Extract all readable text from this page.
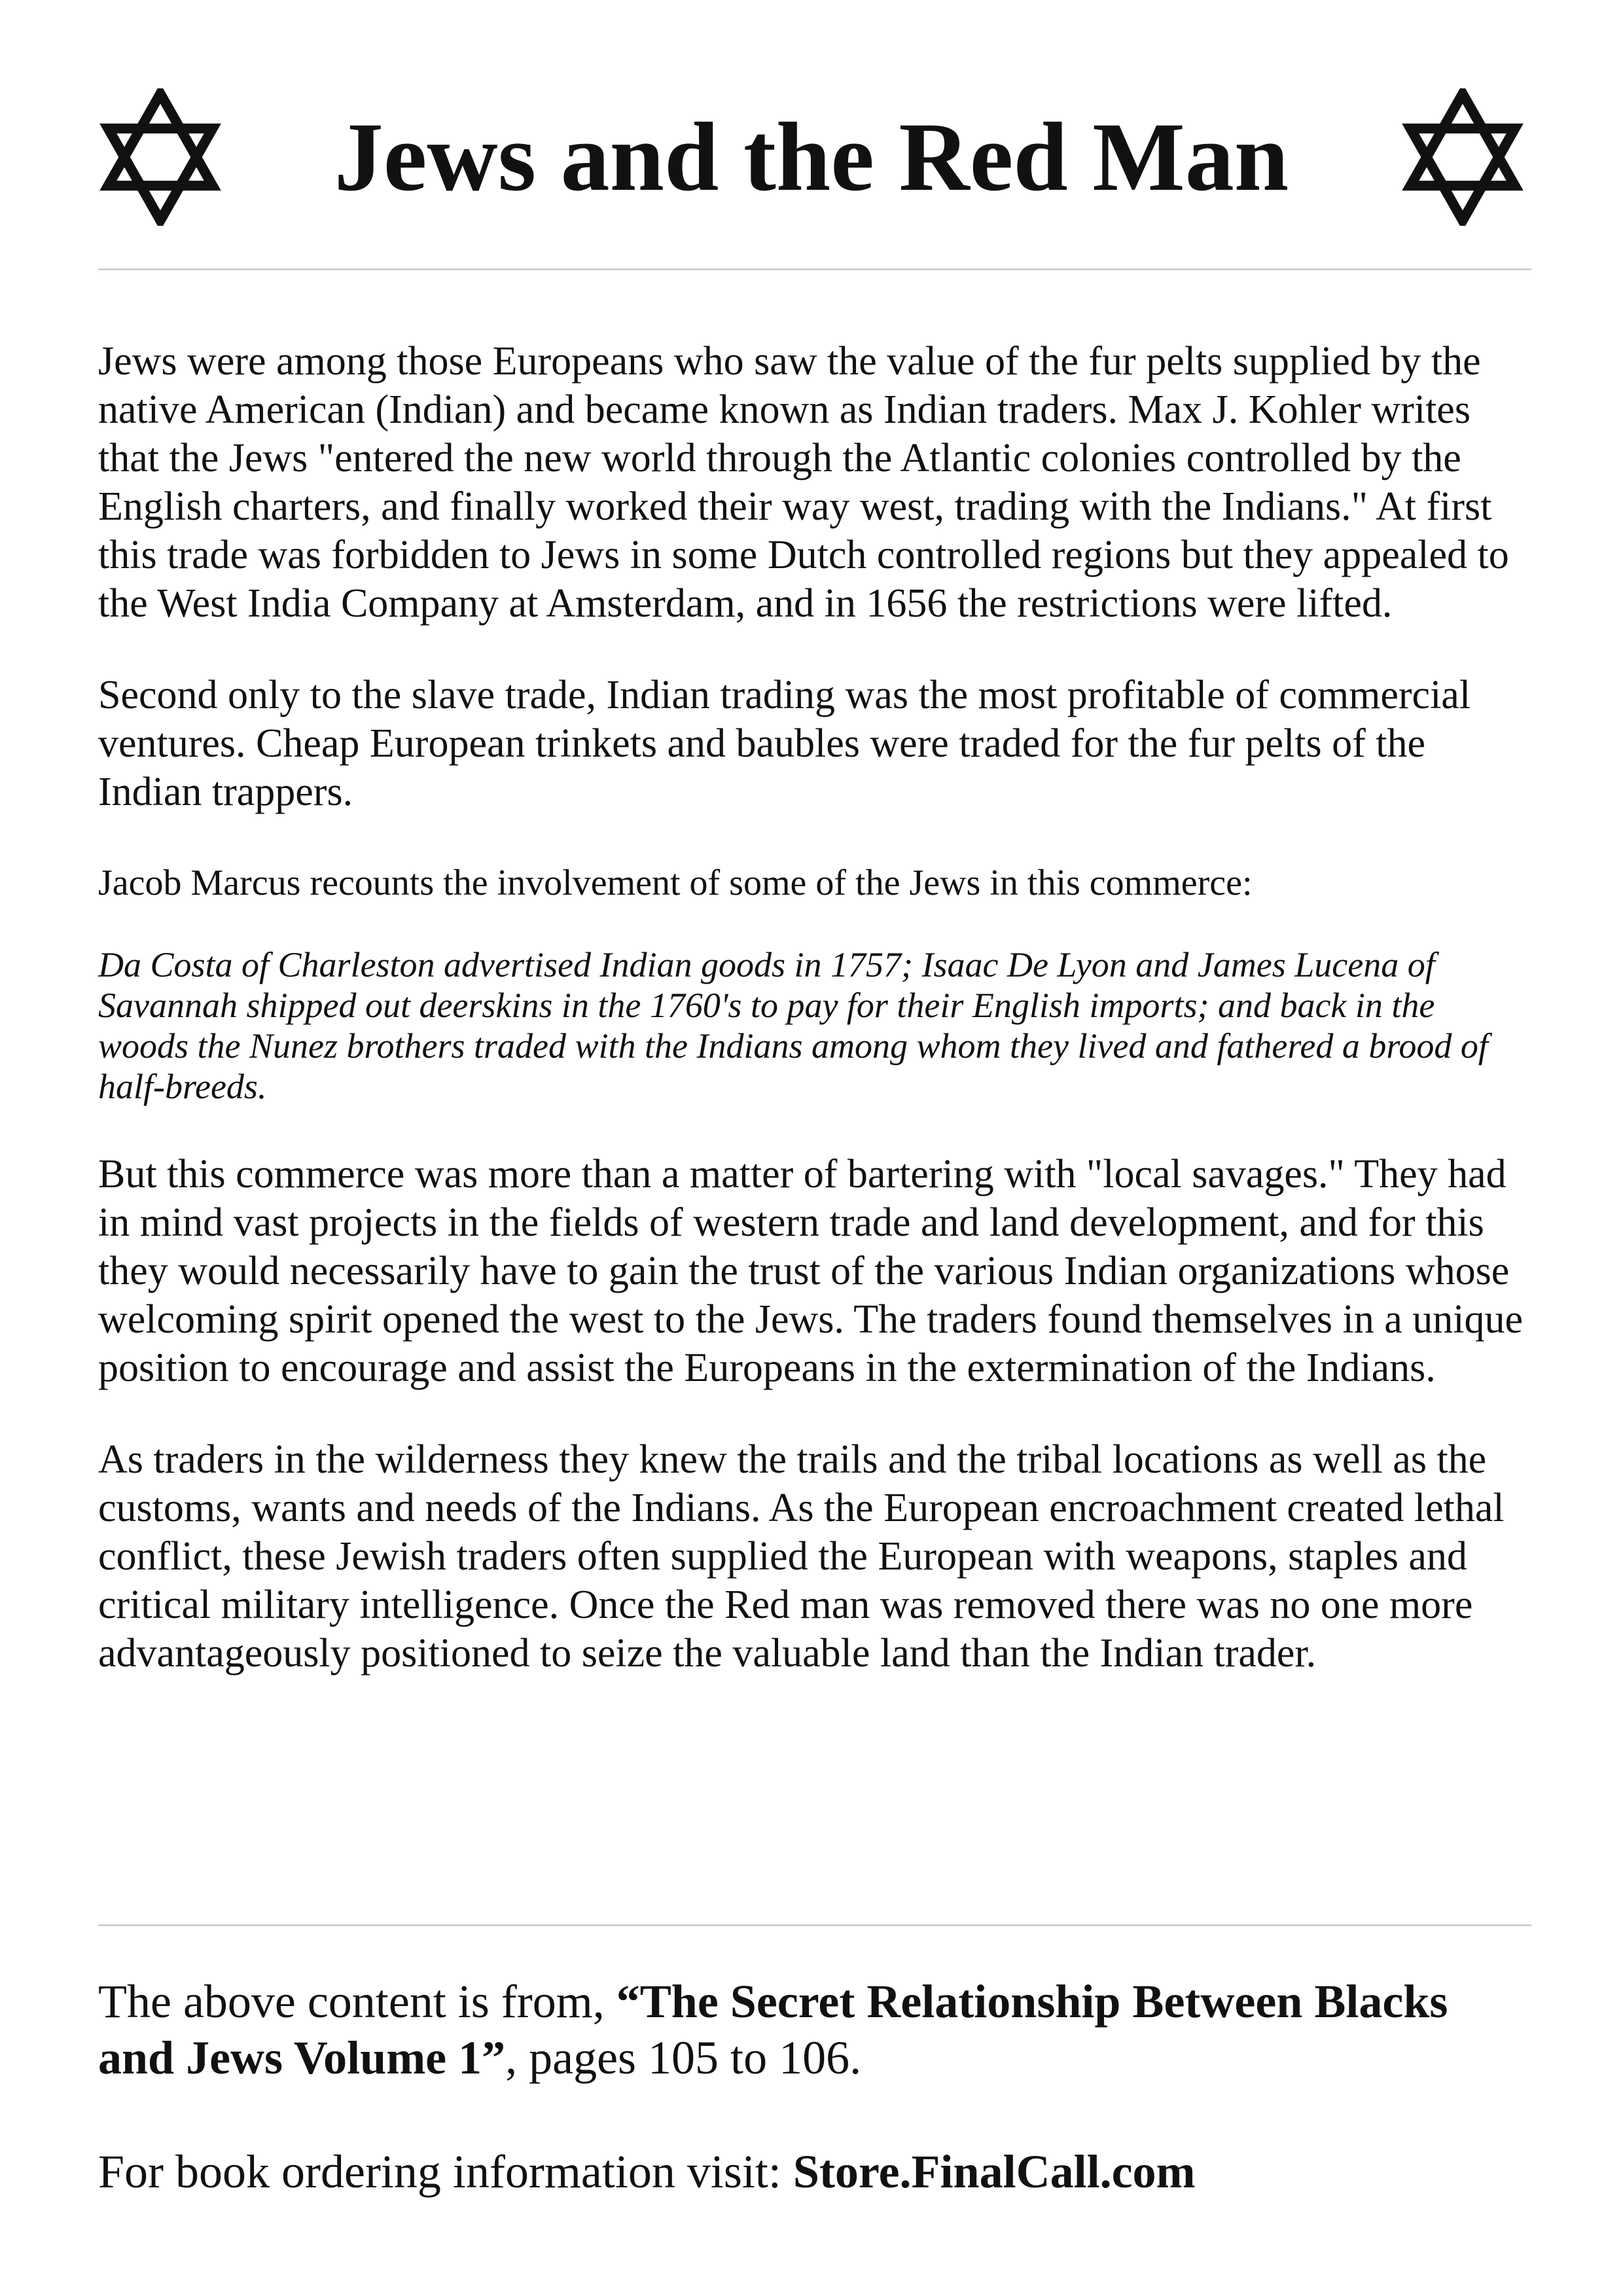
Jews and the Red Man

Jews were among those Europeans who saw the value of the fur pelts supplied by the native American (Indian) and became known as Indian traders. Max J. Kohler writes that the Jews "entered the new world through the Atlantic colonies controlled by the English charters, and finally worked their way west, trading with the Indians." At first this trade was forbidden to Jews in some Dutch controlled regions but they appealed to the West India Company at Amsterdam, and in 1656 the restrictions were lifted.

Second only to the slave trade, Indian trading was the most profitable of commercial ventures. Cheap European trinkets and baubles were traded for the fur pelts of the Indian trappers.

Jacob Marcus recounts the involvement of some of the Jews in this commerce:

Da Costa of Charleston advertised Indian goods in 1757; Isaac De Lyon and James Lucena of Savannah shipped out deerskins in the 1760's to pay for their English imports; and back in the woods the Nunez brothers traded with the Indians among whom they lived and fathered a brood of half-breeds.

But this commerce was more than a matter of bartering with "local savages." They had in mind vast projects in the fields of western trade and land development, and for this they would necessarily have to gain the trust of the various Indian organizations whose welcoming spirit opened the west to the Jews. The traders found themselves in a unique position to encourage and assist the Europeans in the extermination of the Indians.

As traders in the wilderness they knew the trails and the tribal locations as well as the customs, wants and needs of the Indians. As the European encroachment created lethal conflict, these Jewish traders often supplied the European with weapons, staples and critical military intelligence. Once the Red man was removed there was no one more advantageously positioned to seize the valuable land than the Indian trader.

The above content is from, “The Secret Relationship Between Blacks and Jews Volume 1”, pages 105 to 106.

For book ordering information visit: Store.FinalCall.com
